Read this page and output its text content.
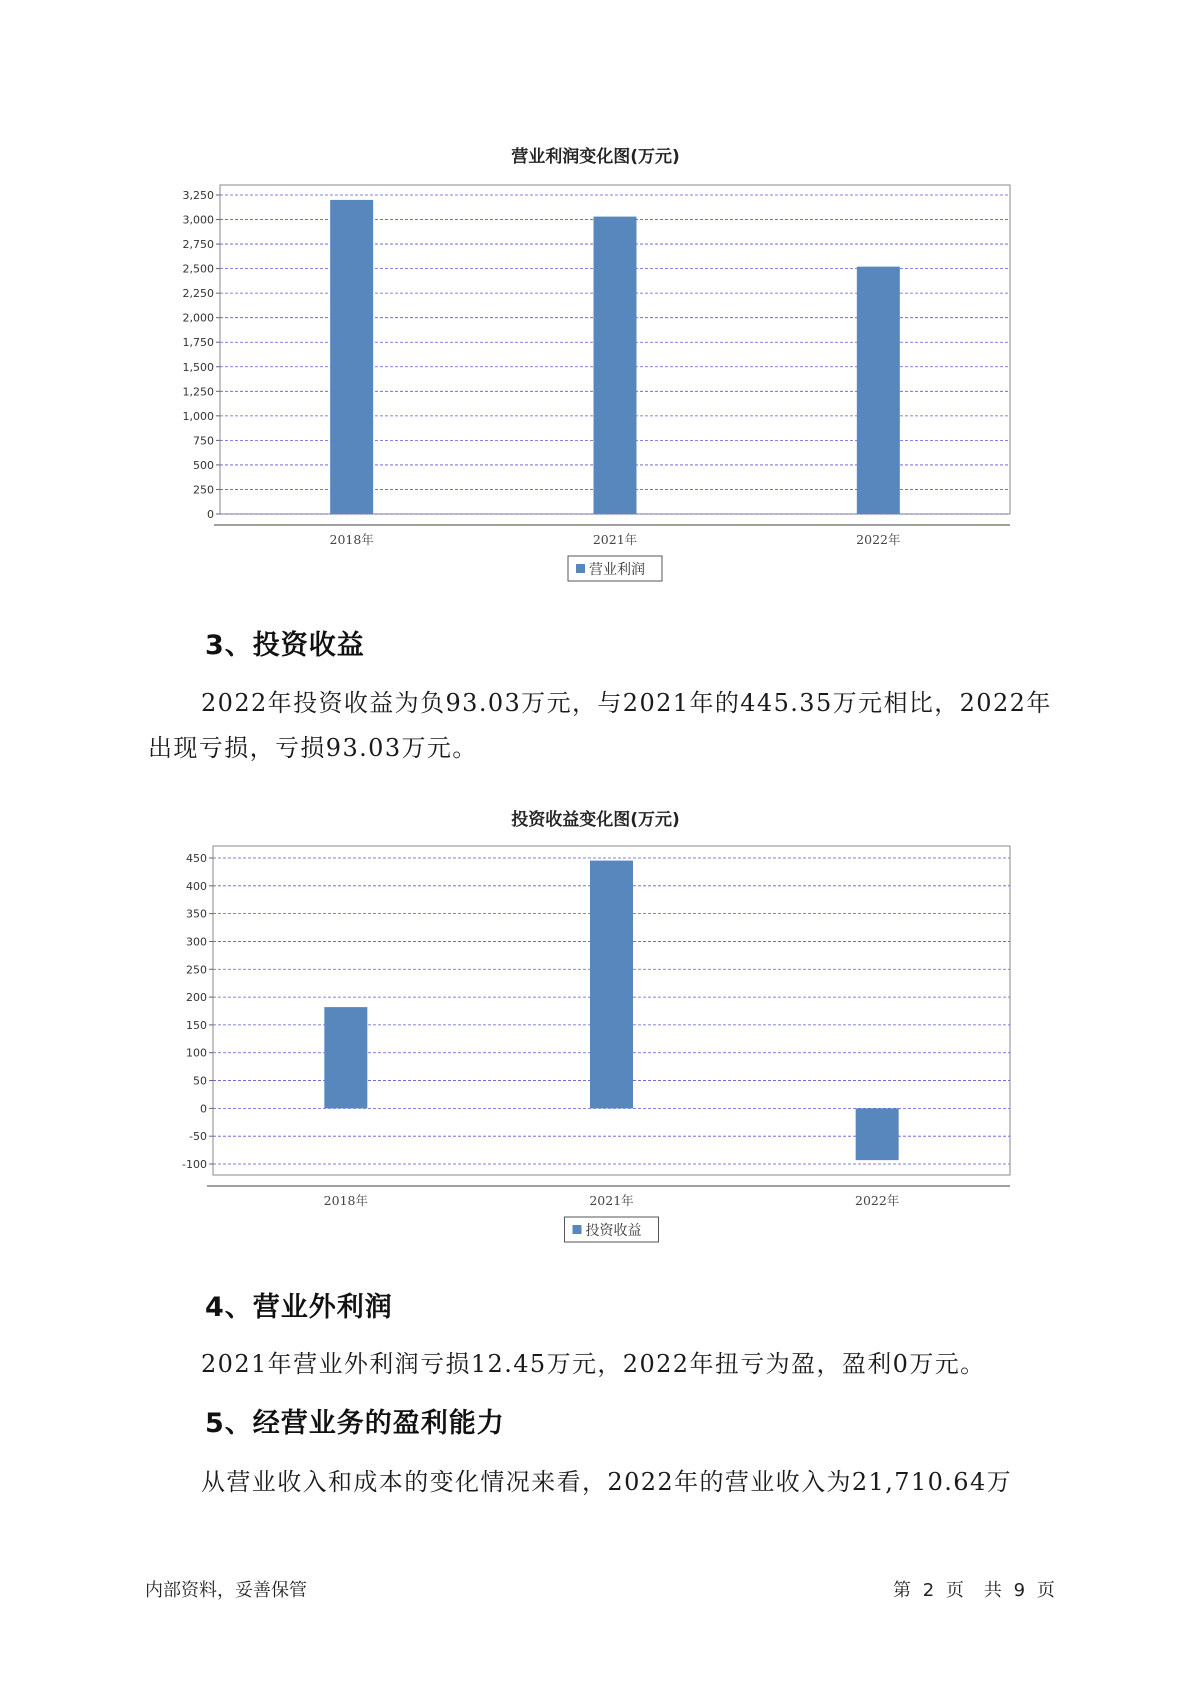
营业利润变化图(万元)
0
250
500
750
1,000
1,250
1,500
1,750
2,000
2,250
2,500
2,750
3,000
3,250
2018年	2021年	2022年
营业利润
3、投资收益
2022年投资收益为负93.03万元，与2021年的445.35万元相比，2022年出现亏损，亏损93.03万元。
投资收益变化图(万元)
-100
-50
0
50
100
150
200
250
300
350
400
450
2018年	2021年	2022年
投资收益
4、营业外利润
2021年营业外利润亏损12.45万元，2022年扭亏为盈，盈利0万元。
5、经营业务的盈利能力
从营业收入和成本的变化情况来看，2022年的营业收入为21,710.64万
内部资料，妥善保管	第 2 页　共 9 页
